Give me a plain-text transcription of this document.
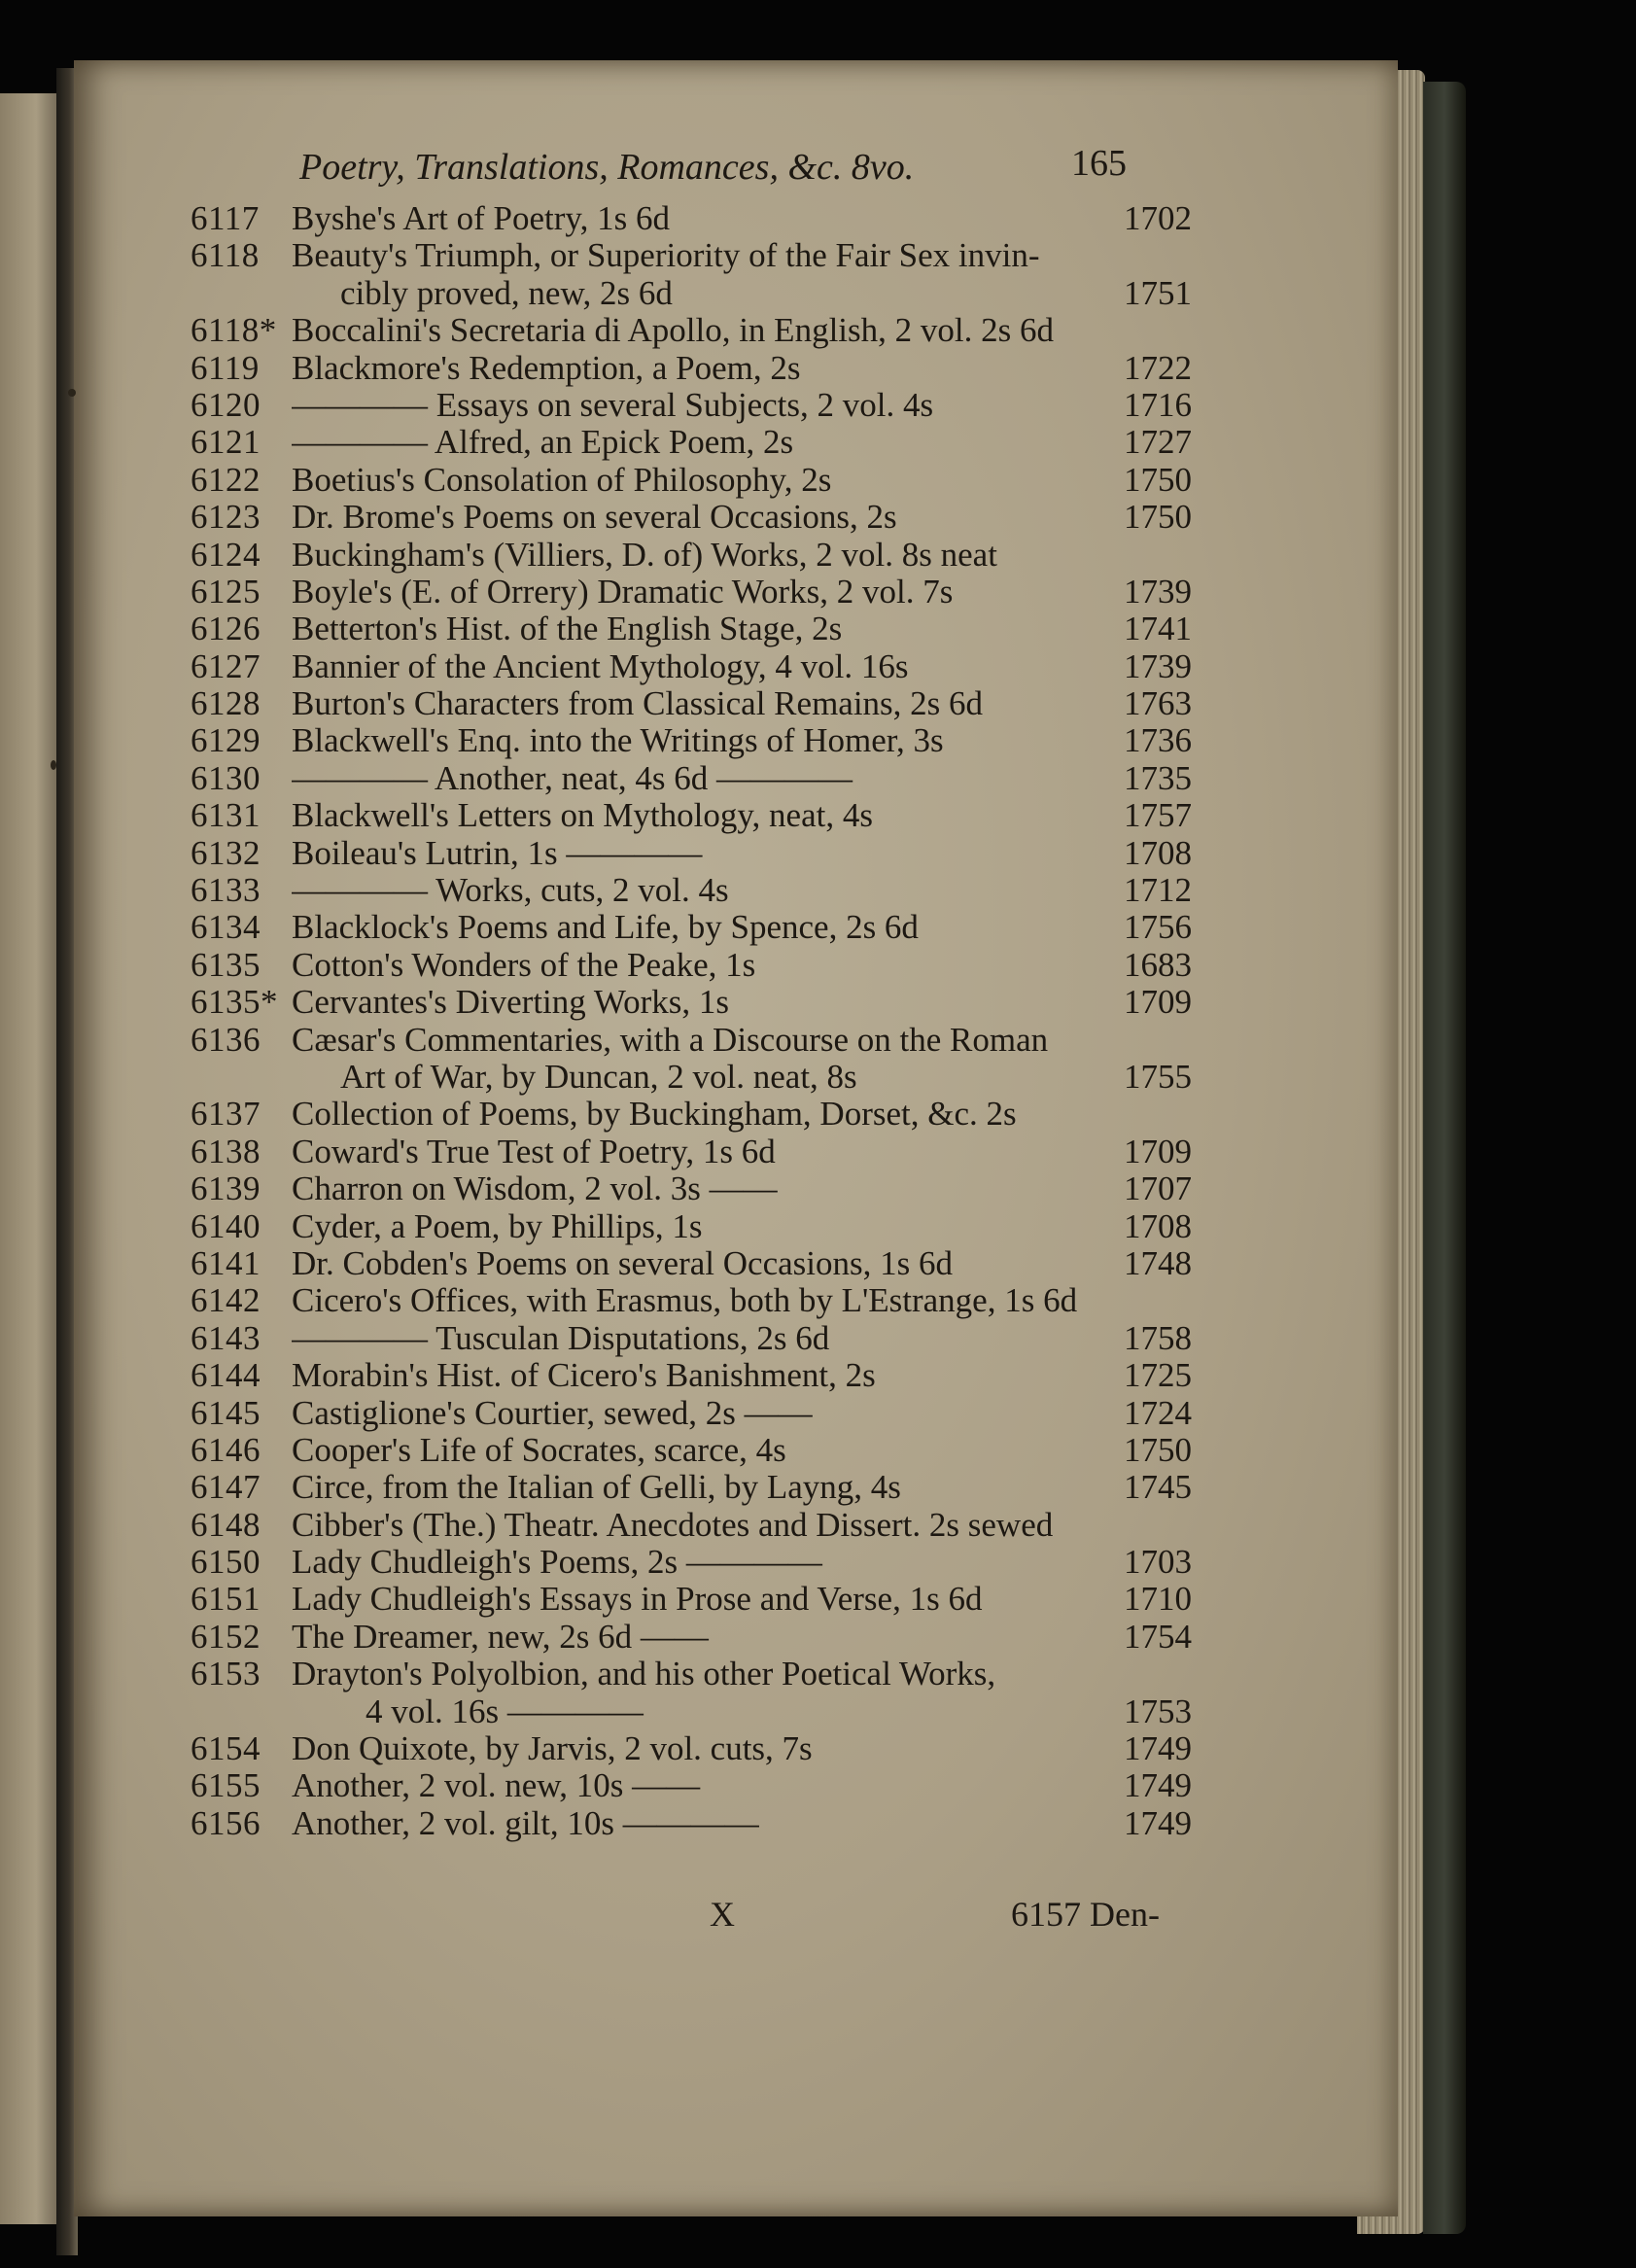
Poetry, Translations, Romances, &c. 8vo.	165
6117 Byshe's Art of Poetry, 1s 6d	1702
6118 Beauty's Triumph, or Superiority of the Fair Sex invin-
cibly proved, new, 2s 6d	1751
6118* Boccalini's Secretaria di Apollo, in English, 2 vol. 2s 6d
6119 Blackmore's Redemption, a Poem, 2s	1722
6120 ———— Essays on several Subjects, 2 vol. 4s	1716
6121 ———— Alfred, an Epick Poem, 2s	1727
6122 Boetius's Consolation of Philosophy, 2s	1750
6123 Dr. Brome's Poems on several Occasions, 2s	1750
6124 Buckingham's (Villiers, D. of) Works, 2 vol. 8s neat
6125 Boyle's (E. of Orrery) Dramatic Works, 2 vol. 7s	1739
6126 Betterton's Hist. of the English Stage, 2s	1741
6127 Bannier of the Ancient Mythology, 4 vol. 16s	1739
6128 Burton's Characters from Classical Remains, 2s 6d	1763
6129 Blackwell's Enq. into the Writings of Homer, 3s	1736
6130 ———— Another, neat, 4s 6d ————	1735
6131 Blackwell's Letters on Mythology, neat, 4s	1757
6132 Boileau's Lutrin, 1s ————	1708
6133 ———— Works, cuts, 2 vol. 4s	1712
6134 Blacklock's Poems and Life, by Spence, 2s 6d	1756
6135 Cotton's Wonders of the Peake, 1s	1683
6135* Cervantes's Diverting Works, 1s	1709
6136 Cæsar's Commentaries, with a Discourse on the Roman
Art of War, by Duncan, 2 vol. neat, 8s	1755
6137 Collection of Poems, by Buckingham, Dorset, &c. 2s
6138 Coward's True Test of Poetry, 1s 6d	1709
6139 Charron on Wisdom, 2 vol. 3s ——	1707
6140 Cyder, a Poem, by Phillips, 1s	1708
6141 Dr. Cobden's Poems on several Occasions, 1s 6d	1748
6142 Cicero's Offices, with Erasmus, both by L'Estrange, 1s 6d
6143 ———— Tusculan Disputations, 2s 6d	1758
6144 Morabin's Hist. of Cicero's Banishment, 2s	1725
6145 Castiglione's Courtier, sewed, 2s ——	1724
6146 Cooper's Life of Socrates, scarce, 4s	1750
6147 Circe, from the Italian of Gelli, by Layng, 4s	1745
6148 Cibber's (The.) Theatr. Anecdotes and Dissert. 2s sewed
6150 Lady Chudleigh's Poems, 2s ————	1703
6151 Lady Chudleigh's Essays in Prose and Verse, 1s 6d	1710
6152 The Dreamer, new, 2s 6d ——	1754
6153 Drayton's Polyolbion, and his other Poetical Works,
4 vol. 16s ————	1753
6154 Don Quixote, by Jarvis, 2 vol. cuts, 7s	1749
6155 Another, 2 vol. new, 10s ——	1749
6156 Another, 2 vol. gilt, 10s ————	1749
X	6157 Den-
